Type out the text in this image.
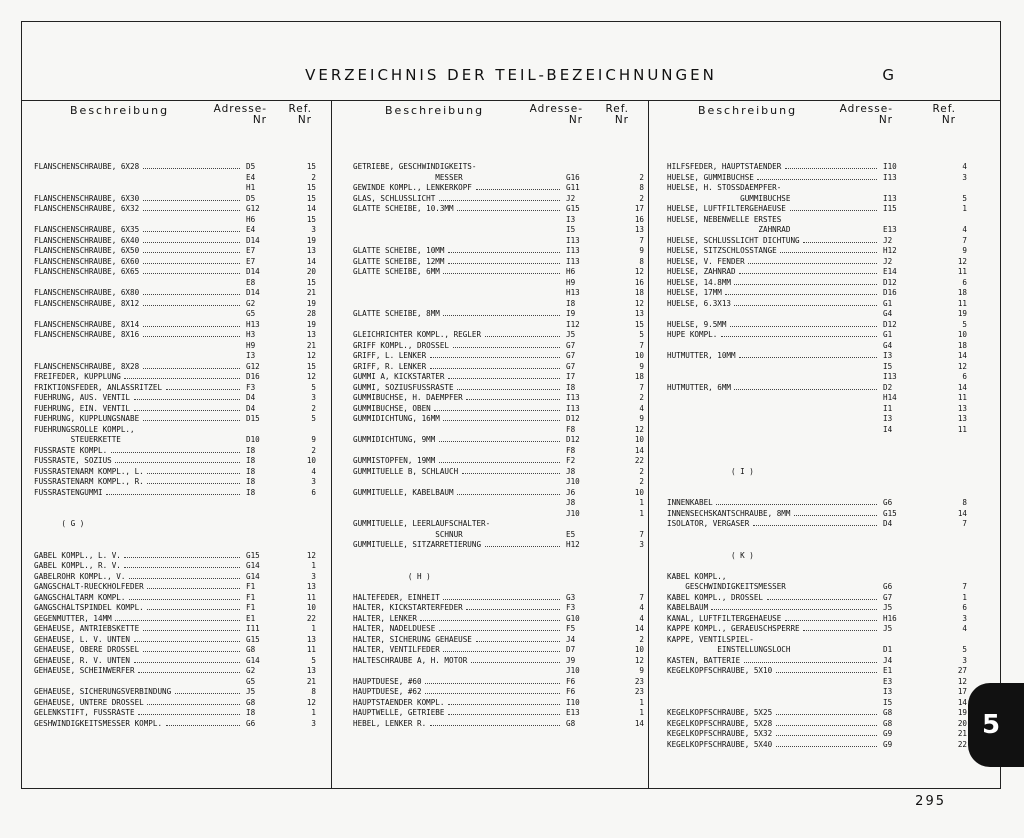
VERZEICHNIS DER TEIL-BEZEICHNUNGEN	G
Beschreibung	Adresse-
Nr
Ref.
Nr
Beschreibung	Adresse-
Nr
Ref.
Nr
Beschreibung	Adresse-
Nr
Ref.
Nr
FLANSCHENSCHRAUBE, 6X28	D5	15
E4	2
H1	15
FLANSCHENSCHRAUBE, 6X30	D5	15
FLANSCHENSCHRAUBE, 6X32	G12	14
H6	15
FLANSCHENSCHRAUBE, 6X35	E4	3
FLANSCHENSCHRAUBE, 6X40	D14	19
FLANSCHENSCHRAUBE, 6X50	E7	13
FLANSCHENSCHRAUBE, 6X60	E7	14
FLANSCHENSCHRAUBE, 6X65	D14	20
E8	15
FLANSCHENSCHRAUBE, 6X80	D14	21
FLANSCHENSCHRAUBE, 8X12	G2	19
G5	28
FLANSCHENSCHRAUBE, 8X14	H13	19
FLANSCHENSCHRAUBE, 8X16	H3	13
H9	21
I3	12
FLANSCHENSCHRAUBE, 8X28	G12	15
FREIFEDER, KUPPLUNG	D16	12
FRIKTIONSFEDER, ANLASSRITZEL	F3	5
FUEHRUNG, AUS. VENTIL	D4	3
FUEHRUNG, EIN. VENTIL	D4	2
FUEHRUNG, KUPPLUNGSNABE	D15	5
FUEHRUNGSROLLE KOMPL.,
STEUERKETTE	D10	9
FUSSRASTE KOMPL.	I8	2
FUSSRASTE, SOZIUS	I8	10
FUSSRASTENARM KOMPL., L.	I8	4
FUSSRASTENARM KOMPL., R.	I8	3
FUSSRASTENGUMMI	I8	6
( G )
GABEL KOMPL., L. V.	G15	12
GABEL KOMPL., R. V.	G14	1
GABELROHR KOMPL., V.	G14	3
GANGSCHALT-RUECKHOLFEDER	F1	13
GANGSCHALTARM KOMPL.	F1	11
GANGSCHALTSPINDEL KOMPL.	F1	10
GEGENMUTTER, 14MM	E1	22
GEHAEUSE, ANTRIEBSKETTE	I11	1
GEHAEUSE, L. V. UNTEN	G15	13
GEHAEUSE, OBERE DROSSEL	G8	11
GEHAEUSE, R. V. UNTEN	G14	5
GEHAEUSE, SCHEINWERFER	G2	13
G5	21
GEHAEUSE, SICHERUNGSVERBINDUNG	J5	8
GEHAEUSE, UNTERE DROSSEL	G8	12
GELENKSTIFT, FUSSRASTE	I8	1
GESHWINDIGKEITSMESSER KOMPL.	G6	3
GETRIEBE, GESCHWINDIGKEITS-
MESSER	G16	2
GEWINDE KOMPL., LENKERKOPF	G11	8
GLAS, SCHLUSSLICHT	J2	2
GLATTE SCHEIBE, 10.3MM	G15	17
I3	16
I5	13
I13	7
GLATTE SCHEIBE, 10MM	I13	9
GLATTE SCHEIBE, 12MM	I13	8
GLATTE SCHEIBE, 6MM	H6	12
H9	16
H13	18
I8	12
GLATTE SCHEIBE, 8MM	I9	13
I12	15
GLEICHRICHTER KOMPL., REGLER	J5	5
GRIFF KOMPL., DROSSEL	G7	7
GRIFF, L. LENKER	G7	10
GRIFF, R. LENKER	G7	9
GUMMI A, KICKSTARTER	I7	18
GUMMI, SOZIUSFUSSRASTE	I8	7
GUMMIBUCHSE, H. DAEMPFER	I13	2
GUMMIBUCHSE, OBEN	I13	4
GUMMIDICHTUNG, 16MM	D12	9
F8	12
GUMMIDICHTUNG, 9MM	D12	10
F8	14
GUMMISTOPFEN, 19MM	F2	22
GUMMITUELLE B, SCHLAUCH	J8	2
J10	2
GUMMITUELLE, KABELBAUM	J6	10
J8	1
J10	1
GUMMITUELLE, LEERLAUFSCHALTER-
SCHNUR	E5	7
GUMMITUELLE, SITZARRETIERUNG	H12	3
( H )
HALTEFEDER, EINHEIT	G3	7
HALTER, KICKSTARTERFEDER	F3	4
HALTER, LENKER	G10	4
HALTER, NADELDUESE	F5	14
HALTER, SICHERUNG GEHAEUSE	J4	2
HALTER, VENTILFEDER	D7	10
HALTESCHRAUBE A, H. MOTOR	J9	12
J10	9
HAUPTDUESE, #60	F6	23
HAUPTDUESE, #62	F6	23
HAUPTSTAENDER KOMPL.	I10	1
HAUPTWELLE, GETRIEBE	E13	1
HEBEL, LENKER R.	G8	14
HILFSFEDER, HAUPTSTAENDER	I10	4
HUELSE, GUMMIBUCHSE	I13	3
HUELSE, H. STOSSDAEMPFER-
GUMMIBUCHSE	I13	5
HUELSE, LUFTFILTERGEHAEUSE	I15	1
HUELSE, NEBENWELLE ERSTES
ZAHNRAD	E13	4
HUELSE, SCHLUSSLICHT DICHTUNG	J2	7
HUELSE, SITZSCHLOSSTANGE	H12	9
HUELSE, V. FENDER	J2	12
HUELSE, ZAHNRAD	E14	11
HUELSE, 14.8MM	D12	6
HUELSE, 17MM	D16	18
HUELSE, 6.3X13	G1	11
G4	19
HUELSE, 9.5MM	D12	5
HUPE KOMPL.	G1	10
G4	18
HUTMUTTER, 10MM	I3	14
I5	12
I13	6
HUTMUTTER, 6MM	D2	14
H14	11
I1	13
I3	13
I4	11
( I )
INNENKABEL	G6	8
INNENSECHSKANTSCHRAUBE, 8MM	G15	14
ISOLATOR, VERGASER	D4	7
( K )
KABEL KOMPL.,
GESCHWINDIGKEITSMESSER	G6	7
KABEL KOMPL., DROSSEL	G7	1
KABELBAUM	J5	6
KANAL, LUFTFILTERGEHAEUSE	H16	3
KAPPE KOMPL., GERAEUSCHSPERRE	J5	4
KAPPE, VENTILSPIEL-
EINSTELLUNGSLOCH	D1	5
KASTEN, BATTERIE	J4	3
KEGELKOPFSCHRAUBE, 5X10	E1	27
E3	12
I3	17
I5	14
KEGELKOPFSCHRAUBE, 5X25	G8	19
KEGELKOPFSCHRAUBE, 5X28	G8	20
KEGELKOPFSCHRAUBE, 5X32	G9	21
KEGELKOPFSCHRAUBE, 5X40	G9	22
5
295
